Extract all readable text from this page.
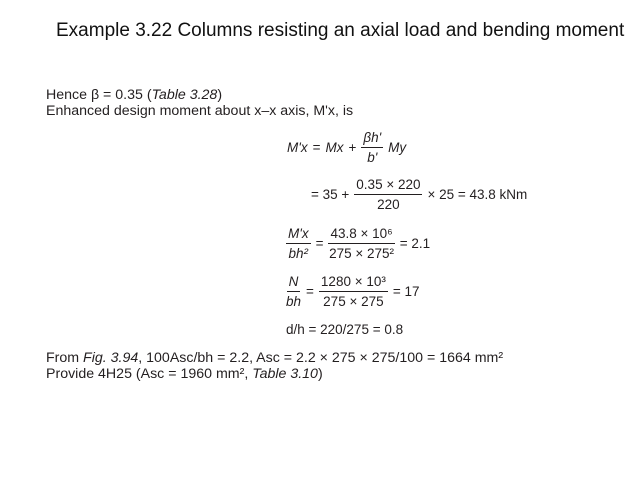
Example 3.22 Columns resisting an axial load and bending moment
Hence β = 0.35 (Table 3.28)
Enhanced design moment about x–x axis, M'x, is
$M'x = Mx + \frac{\beta h'}{b'}$ My
= $35 + \frac{0.35 \times 220}{220} \times 25 = 43.8$ kNm
$\frac{M'x}{\text{bh²}} = \frac{\text{43.8 × 10⁶}}{\text{275 × 275²}} = 2.1$
$\frac{N}{bh} = \frac{\text{1280 × 10³}}{275 \times 275} = 17$
d/h = 220/275 = 0.8
From Fig. 3.94, 100Asc/bh = 2.2, Asc = 2.2 × 275 × 275/100 = 1664 mm²
Provide 4H25 (Asc = 1960 mm², Table 3.10)
